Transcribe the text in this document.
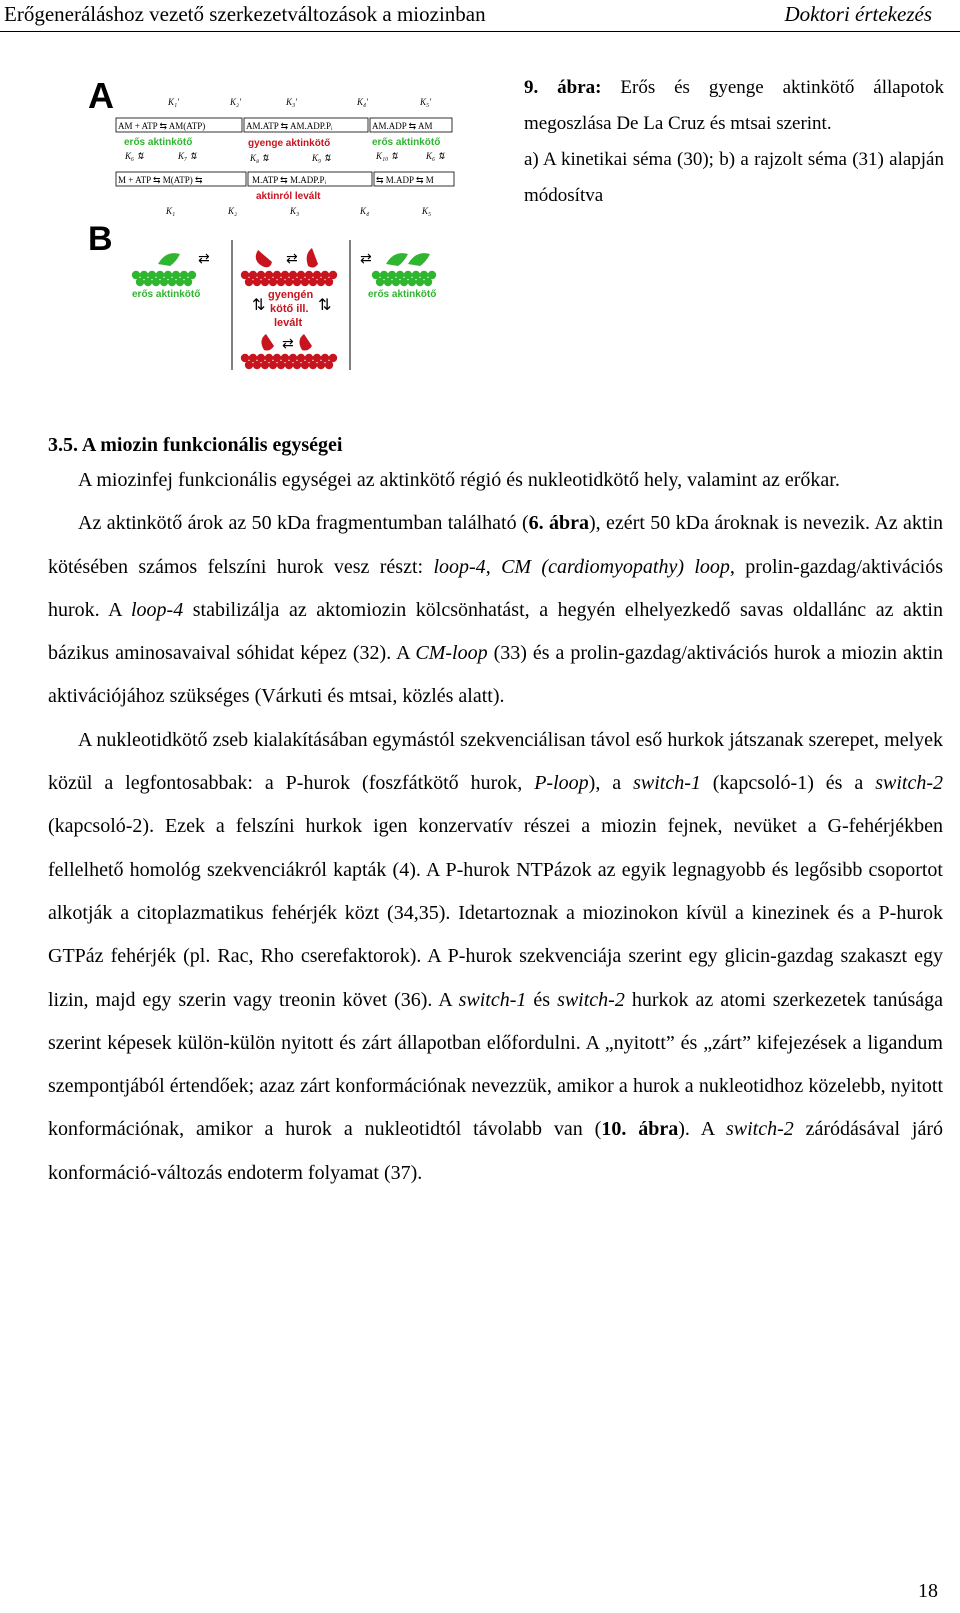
Erőgeneráláshoz vezető szerkezetváltozások a miozinban	Doktori értekezés
A	K₁'	K₂'	K₃'	K₄'	K₅'
AM + ATP ⇆ AM(ATP)	AM.ATP ⇆ AM.ADP.Pᵢ	AM.ADP ⇆ AM
erős aktinkötő	gyenge aktinkötő	erős aktinkötő
K₆ ⇅	K₇ ⇅	K₈ ⇅	K₉ ⇅	K₁₀ ⇅	K₆ ⇅
M + ATP ⇆ M(ATP) ⇆	M.ATP ⇆ M.ADP.Pᵢ	⇆ M.ADP ⇆ M
aktinról levált
K₁	K₂	K₃	K₄	K₅
B
erős aktinkötő
⇄	⇄
gyengén
kötő ill.
levált
⇅	⇅
⇄
⇄
erős aktinkötő

9. ábra: Erős és gyenge aktinkötő állapotok megoszlása De La Cruz és mtsai szerint.

a) A kinetikai séma (30); b) a rajzolt séma (31) alapján módosítva

3.5. A miozin funkcionális egységei

A miozinfej funkcionális egységei az aktinkötő régió és nukleotidkötő hely, valamint az erőkar.

Az aktinkötő árok az 50 kDa fragmentumban található (6. ábra), ezért 50 kDa ároknak is nevezik. Az aktin kötésében számos felszíni hurok vesz részt: loop-4, CM (cardiomyopathy) loop, prolin-gazdag/aktivációs hurok. A loop-4 stabilizálja az aktomiozin kölcsönhatást, a hegyén elhelyezkedő savas oldallánc az aktin bázikus aminosavaival sóhidat képez (32). A CM-loop (33) és a prolin-gazdag/aktivációs hurok a miozin aktin aktivációjához szükséges (Várkuti és mtsai, közlés alatt).

A nukleotidkötő zseb kialakításában egymástól szekvenciálisan távol eső hurkok játszanak szerepet, melyek közül a legfontosabbak: a P-hurok (foszfátkötő hurok, P-loop), a switch-1 (kapcsoló-1) és a switch-2 (kapcsoló-2). Ezek a felszíni hurkok igen konzervatív részei a miozin fejnek, nevüket a G-fehérjékben fellelhető homológ szekvenciákról kapták (4). A P-hurok NTPázok az egyik legnagyobb és legősibb csoportot alkotják a citoplazmatikus fehérjék közt (34,35). Idetartoznak a miozinokon kívül a kinezinek és a P-hurok GTPáz fehérjék (pl. Rac, Rho cserefaktorok). A P-hurok szekvenciája szerint egy glicin-gazdag szakaszt egy lizin, majd egy szerin vagy treonin követ (36). A switch-1 és switch-2 hurkok az atomi szerkezetek tanúsága szerint képesek külön-külön nyitott és zárt állapotban előfordulni. A „nyitott” és „zárt” kifejezések a ligandum szempontjából értendőek; azaz zárt konformációnak nevezzük, amikor a hurok a nukleotidhoz közelebb, nyitott konformációnak, amikor a hurok a nukleotidtól távolabb van (10. ábra). A switch-2 záródásával járó konformáció-változás endoterm folyamat (37).

18
